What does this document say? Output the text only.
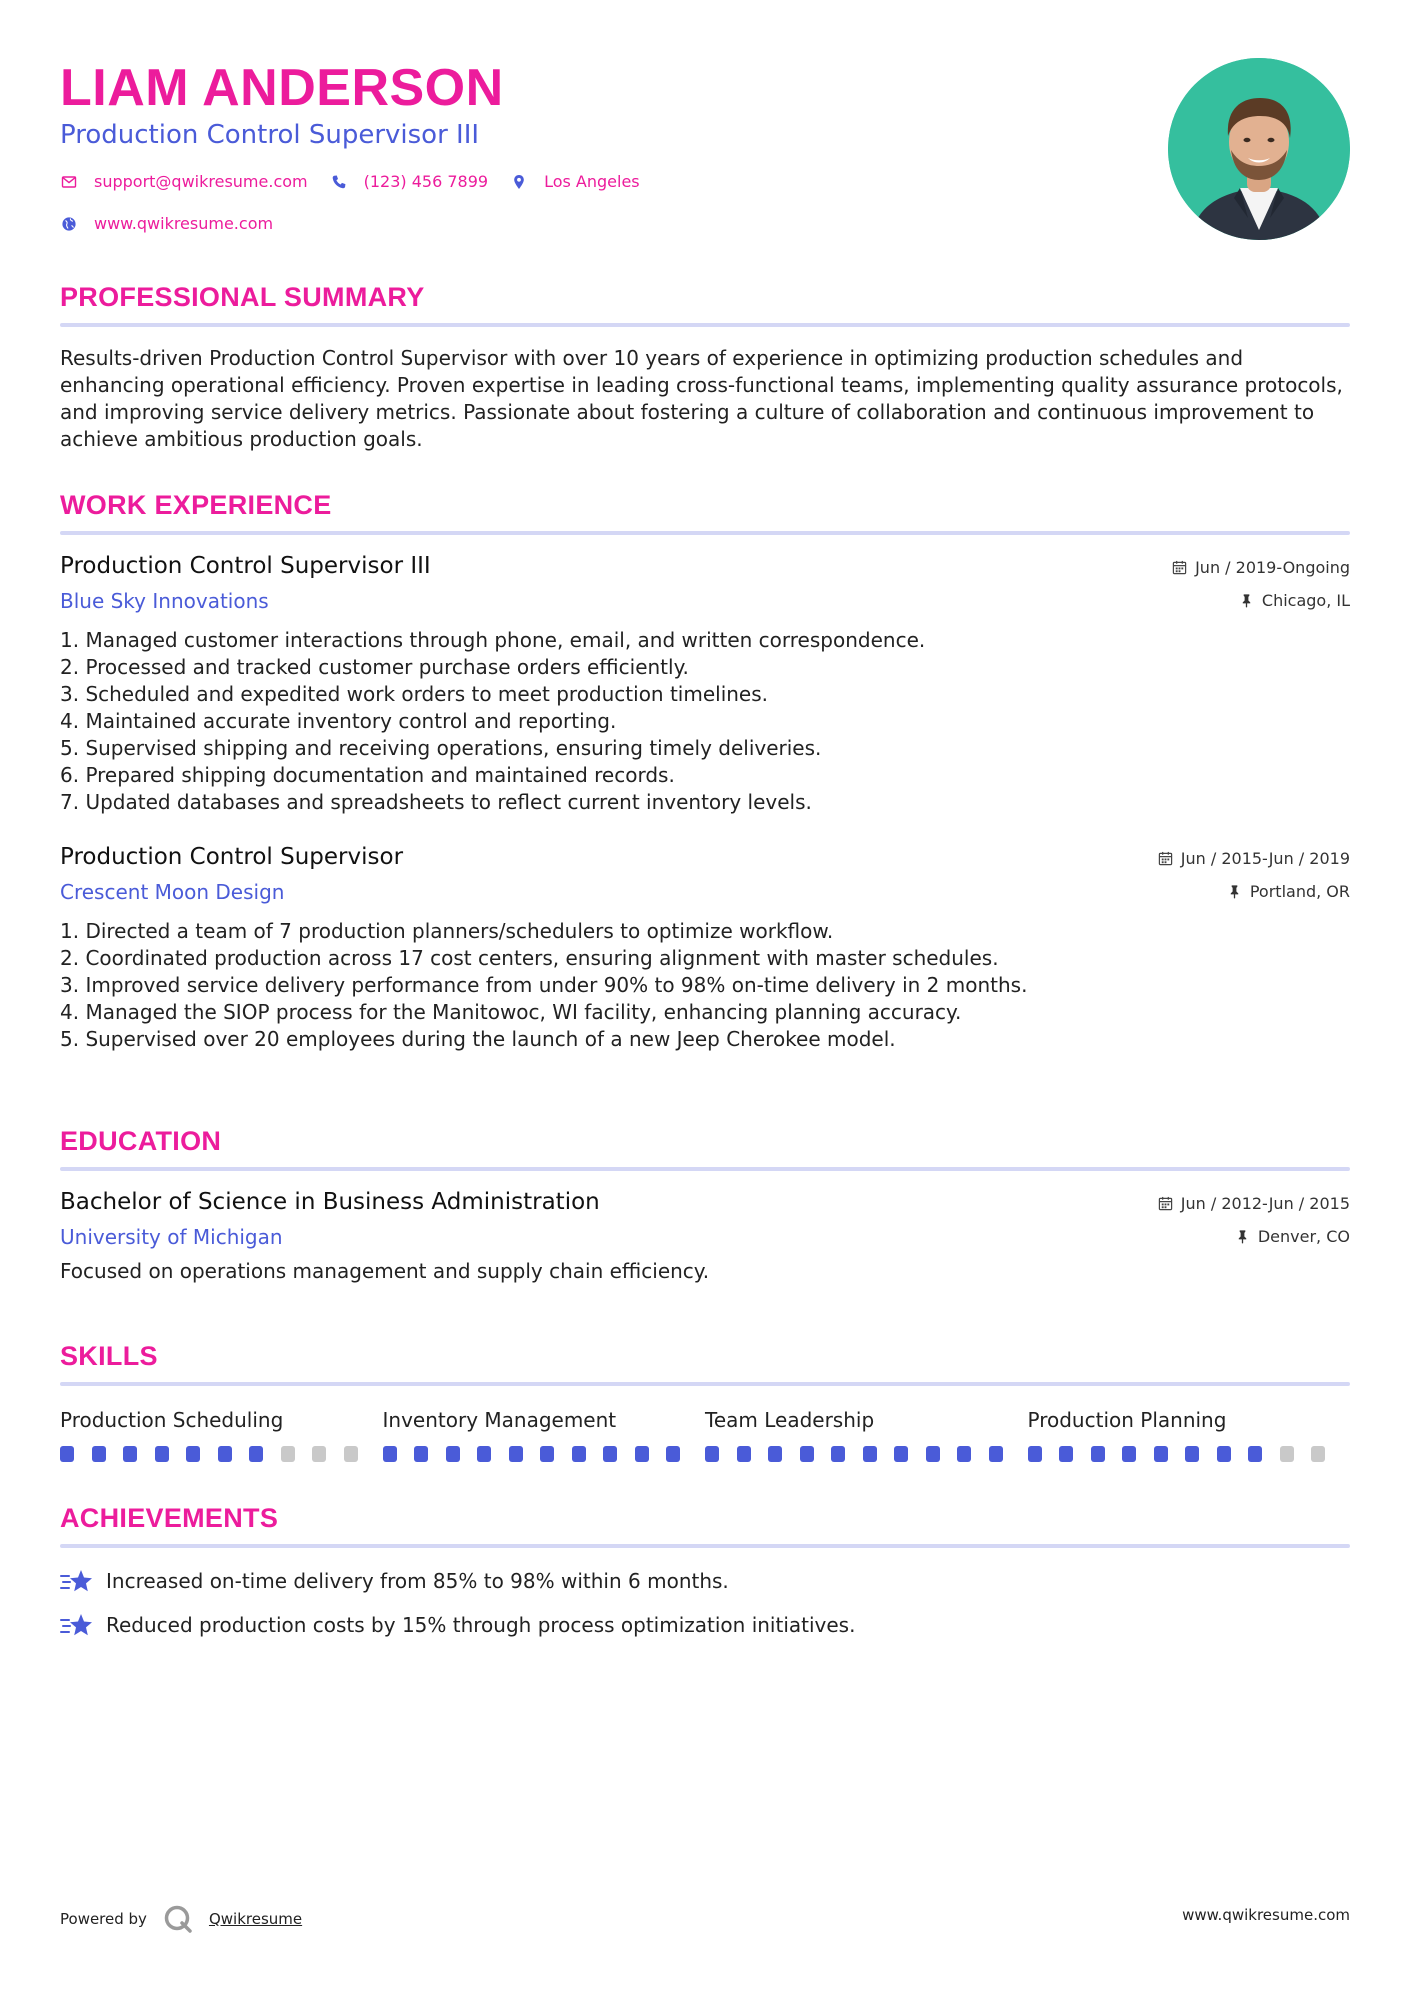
LIAM ANDERSON
Production Control Supervisor III
support@qwikresume.com	(123) 456 7899	Los Angeles
www.qwikresume.com
PROFESSIONAL SUMMARY
Results-driven Production Control Supervisor with over 10 years of experience in optimizing production schedules and enhancing operational efficiency. Proven expertise in leading cross-functional teams, implementing quality assurance protocols, and improving service delivery metrics. Passionate about fostering a culture of collaboration and continuous improvement to achieve ambitious production goals.
WORK EXPERIENCE
Production Control Supervisor III
Blue Sky Innovations
Jun / 2019-Ongoing
Chicago, IL
1. Managed customer interactions through phone, email, and written correspondence.
2. Processed and tracked customer purchase orders efficiently.
3. Scheduled and expedited work orders to meet production timelines.
4. Maintained accurate inventory control and reporting.
5. Supervised shipping and receiving operations, ensuring timely deliveries.
6. Prepared shipping documentation and maintained records.
7. Updated databases and spreadsheets to reflect current inventory levels.
Production Control Supervisor
Crescent Moon Design
Jun / 2015-Jun / 2019
Portland, OR
1. Directed a team of 7 production planners/schedulers to optimize workflow.
2. Coordinated production across 17 cost centers, ensuring alignment with master schedules.
3. Improved service delivery performance from under 90% to 98% on-time delivery in 2 months.
4. Managed the SIOP process for the Manitowoc, WI facility, enhancing planning accuracy.
5. Supervised over 20 employees during the launch of a new Jeep Cherokee model.
EDUCATION
Bachelor of Science in Business Administration
University of Michigan
Jun / 2012-Jun / 2015
Denver, CO
Focused on operations management and supply chain efficiency.
SKILLS
Production Scheduling	Inventory Management	Team Leadership	Production Planning
ACHIEVEMENTS
Increased on-time delivery from 85% to 98% within 6 months.
Reduced production costs by 15% through process optimization initiatives.
Powered by	Qwikresume	www.qwikresume.com
